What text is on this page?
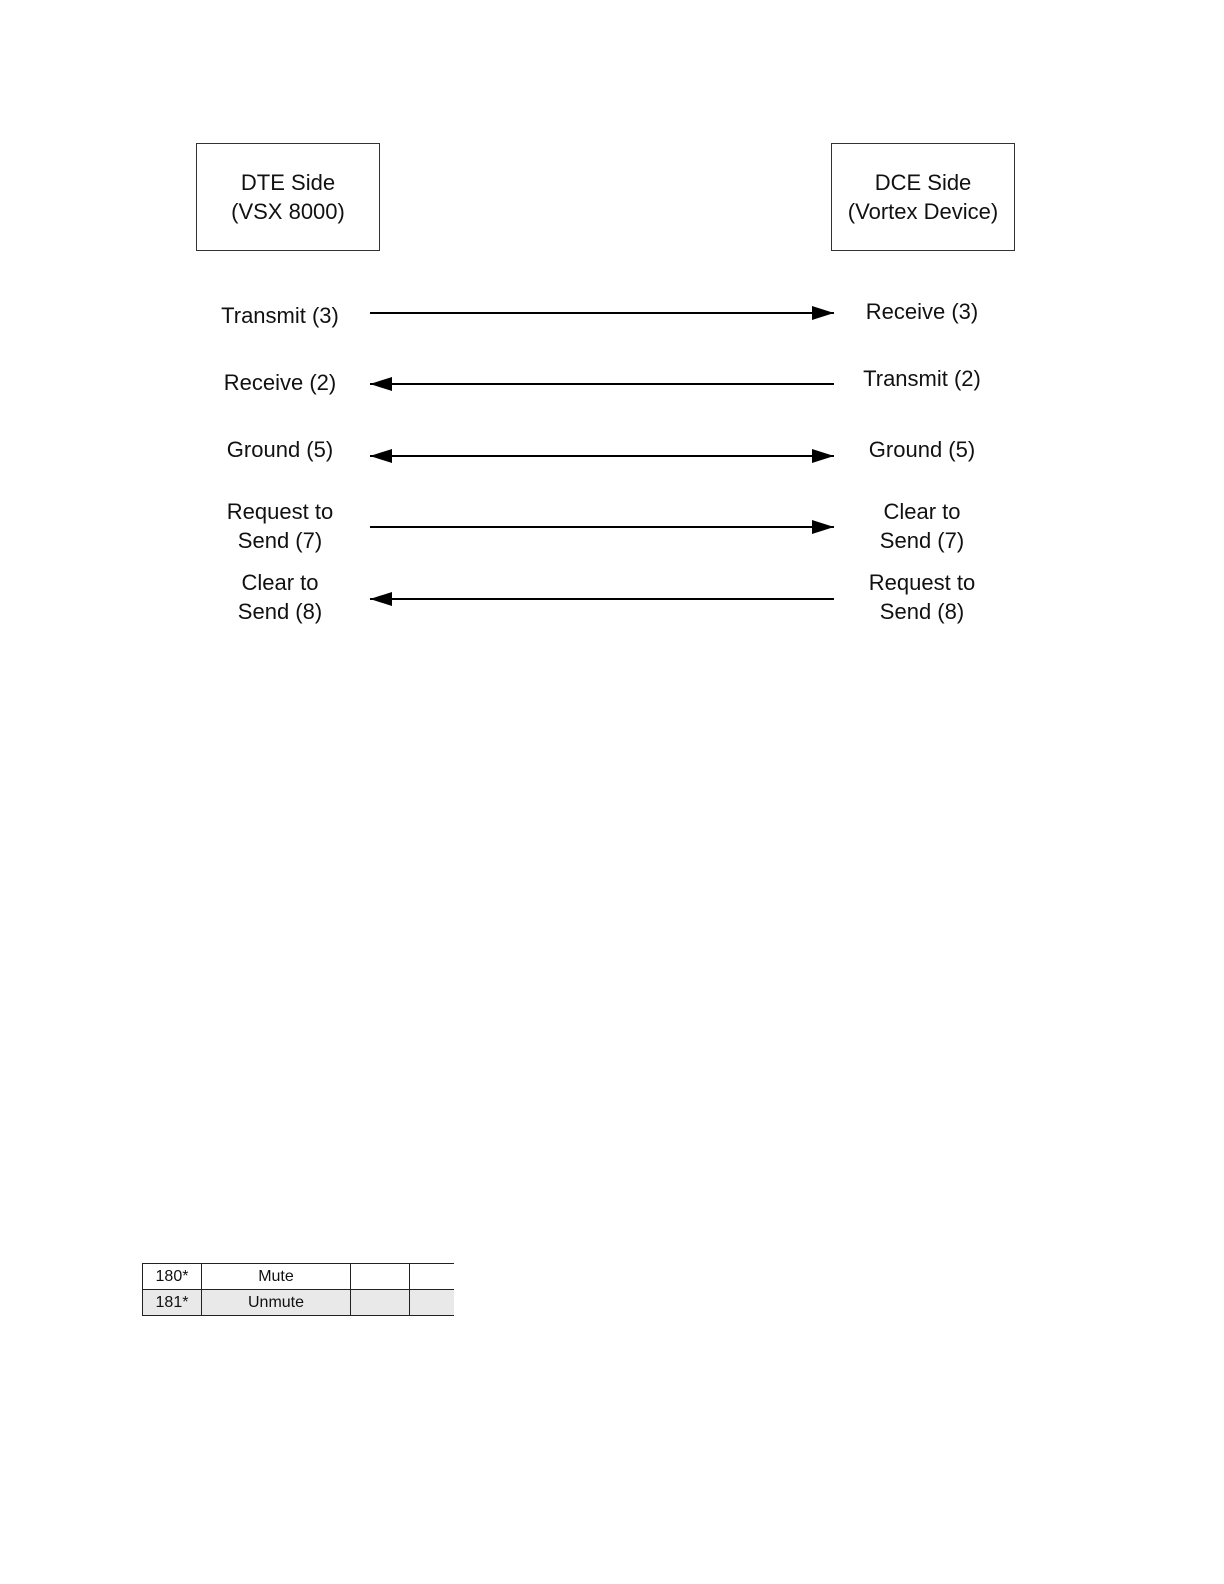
DTE Side
(VSX 8000)
DCE Side
(Vortex Device)
Transmit (3)	Receive (3)
Receive (2)	Transmit (2)
Ground (5)	Ground (5)
Request to
Send (7)
Clear to
Send (7)
Clear to
Send (8)
Request to
Send (8)
180*	Mute		
181*	Unmute		
